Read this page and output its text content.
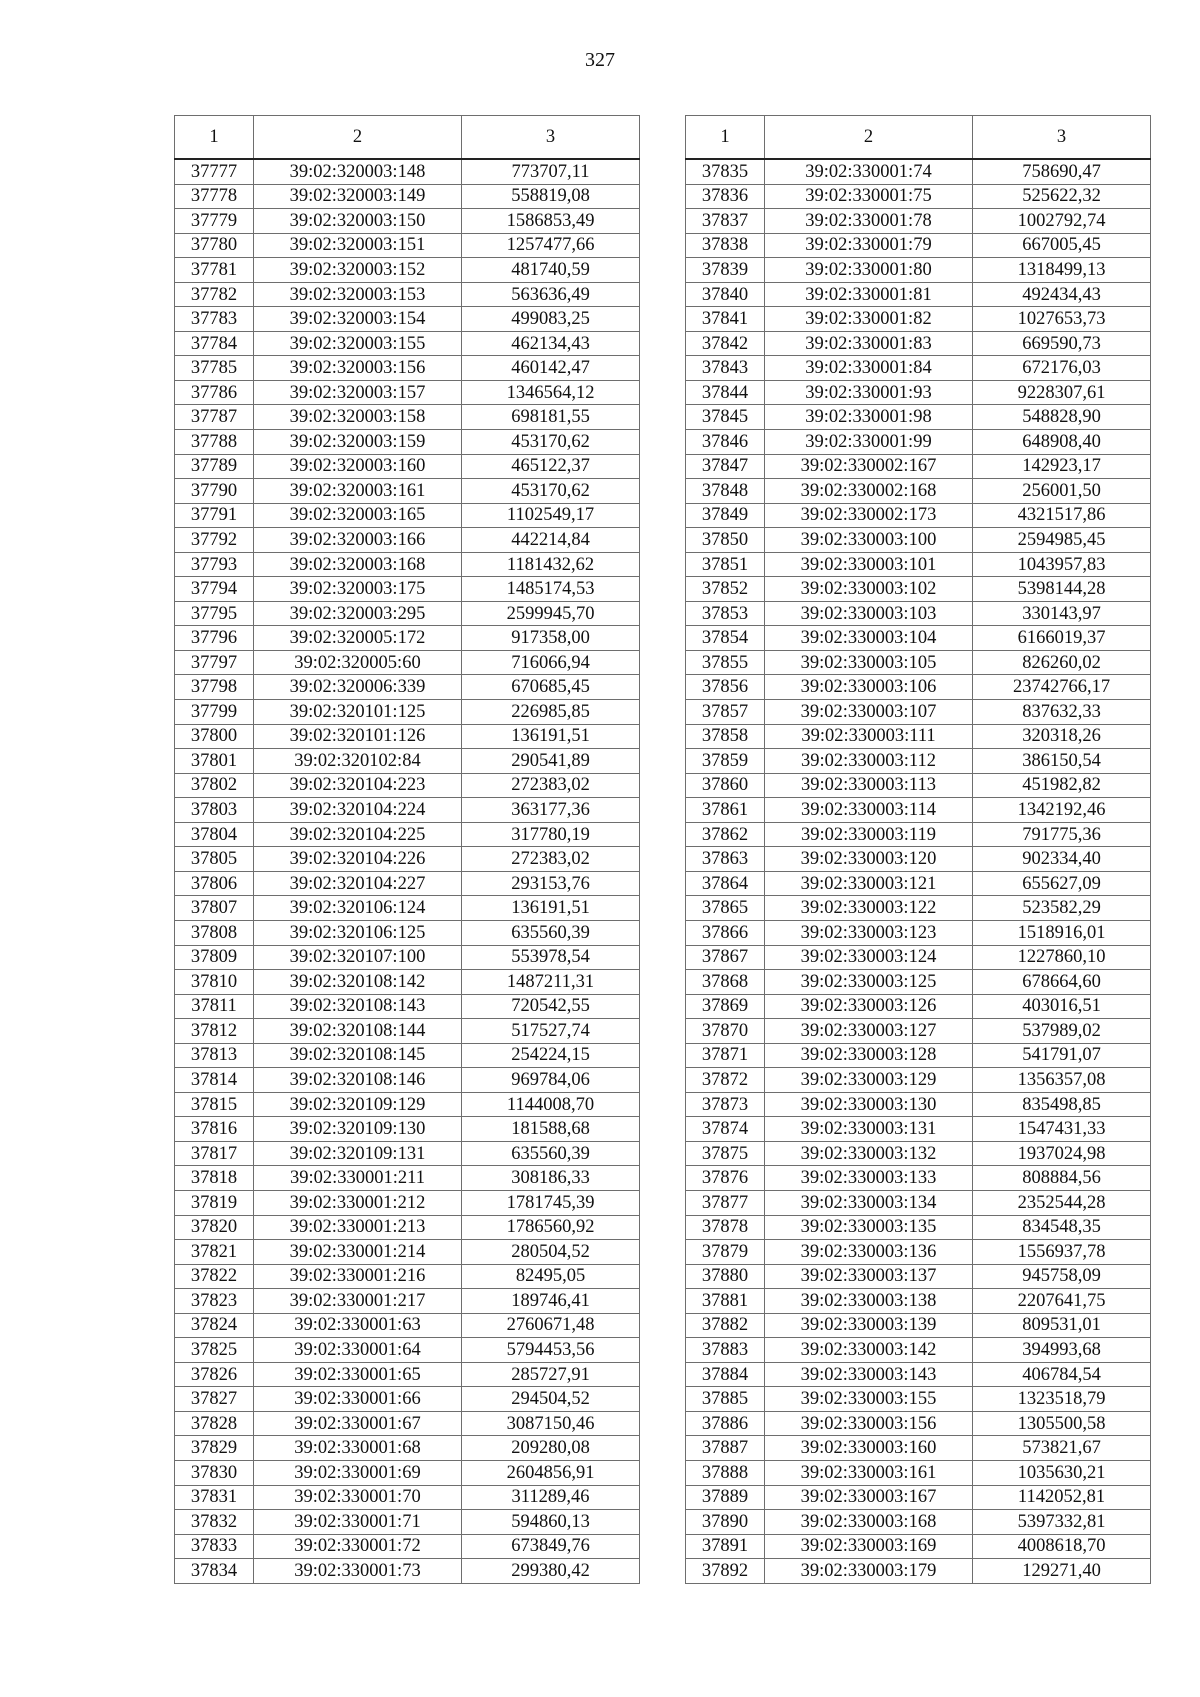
327
1	2	3
37777	39:02:320003:148	773707,11
37778	39:02:320003:149	558819,08
37779	39:02:320003:150	1586853,49
37780	39:02:320003:151	1257477,66
37781	39:02:320003:152	481740,59
37782	39:02:320003:153	563636,49
37783	39:02:320003:154	499083,25
37784	39:02:320003:155	462134,43
37785	39:02:320003:156	460142,47
37786	39:02:320003:157	1346564,12
37787	39:02:320003:158	698181,55
37788	39:02:320003:159	453170,62
37789	39:02:320003:160	465122,37
37790	39:02:320003:161	453170,62
37791	39:02:320003:165	1102549,17
37792	39:02:320003:166	442214,84
37793	39:02:320003:168	1181432,62
37794	39:02:320003:175	1485174,53
37795	39:02:320003:295	2599945,70
37796	39:02:320005:172	917358,00
37797	39:02:320005:60	716066,94
37798	39:02:320006:339	670685,45
37799	39:02:320101:125	226985,85
37800	39:02:320101:126	136191,51
37801	39:02:320102:84	290541,89
37802	39:02:320104:223	272383,02
37803	39:02:320104:224	363177,36
37804	39:02:320104:225	317780,19
37805	39:02:320104:226	272383,02
37806	39:02:320104:227	293153,76
37807	39:02:320106:124	136191,51
37808	39:02:320106:125	635560,39
37809	39:02:320107:100	553978,54
37810	39:02:320108:142	1487211,31
37811	39:02:320108:143	720542,55
37812	39:02:320108:144	517527,74
37813	39:02:320108:145	254224,15
37814	39:02:320108:146	969784,06
37815	39:02:320109:129	1144008,70
37816	39:02:320109:130	181588,68
37817	39:02:320109:131	635560,39
37818	39:02:330001:211	308186,33
37819	39:02:330001:212	1781745,39
37820	39:02:330001:213	1786560,92
37821	39:02:330001:214	280504,52
37822	39:02:330001:216	82495,05
37823	39:02:330001:217	189746,41
37824	39:02:330001:63	2760671,48
37825	39:02:330001:64	5794453,56
37826	39:02:330001:65	285727,91
37827	39:02:330001:66	294504,52
37828	39:02:330001:67	3087150,46
37829	39:02:330001:68	209280,08
37830	39:02:330001:69	2604856,91
37831	39:02:330001:70	311289,46
37832	39:02:330001:71	594860,13
37833	39:02:330001:72	673849,76
37834	39:02:330001:73	299380,42
1	2	3
37835	39:02:330001:74	758690,47
37836	39:02:330001:75	525622,32
37837	39:02:330001:78	1002792,74
37838	39:02:330001:79	667005,45
37839	39:02:330001:80	1318499,13
37840	39:02:330001:81	492434,43
37841	39:02:330001:82	1027653,73
37842	39:02:330001:83	669590,73
37843	39:02:330001:84	672176,03
37844	39:02:330001:93	9228307,61
37845	39:02:330001:98	548828,90
37846	39:02:330001:99	648908,40
37847	39:02:330002:167	142923,17
37848	39:02:330002:168	256001,50
37849	39:02:330002:173	4321517,86
37850	39:02:330003:100	2594985,45
37851	39:02:330003:101	1043957,83
37852	39:02:330003:102	5398144,28
37853	39:02:330003:103	330143,97
37854	39:02:330003:104	6166019,37
37855	39:02:330003:105	826260,02
37856	39:02:330003:106	23742766,17
37857	39:02:330003:107	837632,33
37858	39:02:330003:111	320318,26
37859	39:02:330003:112	386150,54
37860	39:02:330003:113	451982,82
37861	39:02:330003:114	1342192,46
37862	39:02:330003:119	791775,36
37863	39:02:330003:120	902334,40
37864	39:02:330003:121	655627,09
37865	39:02:330003:122	523582,29
37866	39:02:330003:123	1518916,01
37867	39:02:330003:124	1227860,10
37868	39:02:330003:125	678664,60
37869	39:02:330003:126	403016,51
37870	39:02:330003:127	537989,02
37871	39:02:330003:128	541791,07
37872	39:02:330003:129	1356357,08
37873	39:02:330003:130	835498,85
37874	39:02:330003:131	1547431,33
37875	39:02:330003:132	1937024,98
37876	39:02:330003:133	808884,56
37877	39:02:330003:134	2352544,28
37878	39:02:330003:135	834548,35
37879	39:02:330003:136	1556937,78
37880	39:02:330003:137	945758,09
37881	39:02:330003:138	2207641,75
37882	39:02:330003:139	809531,01
37883	39:02:330003:142	394993,68
37884	39:02:330003:143	406784,54
37885	39:02:330003:155	1323518,79
37886	39:02:330003:156	1305500,58
37887	39:02:330003:160	573821,67
37888	39:02:330003:161	1035630,21
37889	39:02:330003:167	1142052,81
37890	39:02:330003:168	5397332,81
37891	39:02:330003:169	4008618,70
37892	39:02:330003:179	129271,40
